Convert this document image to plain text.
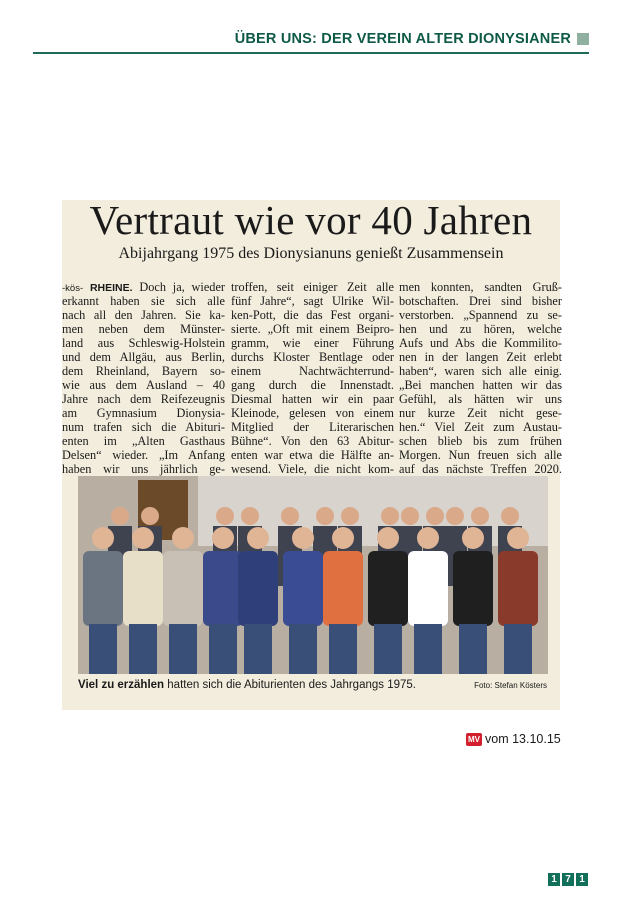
ÜBER UNS: DER VEREIN ALTER DIONYSIANER
Vertraut wie vor 40 Jahren
Abijahrgang 1975 des Dionysianuns genießt Zusammensein
-kös- RHEINE. Doch ja, wieder
erkannt haben sie sich alle
nach all den Jahren. Sie ka-
men neben dem Münster-
land aus Schleswig-Holstein
und dem Allgäu, aus Berlin,
dem Rheinland, Bayern so-
wie aus dem Ausland – 40
Jahre nach dem Reifezeugnis
am Gymnasium Dionysia-
num trafen sich die Abituri-
enten im „Alten Gasthaus
Delsen“ wieder. „Im Anfang
haben wir uns jährlich ge-
troffen, seit einiger Zeit alle
fünf Jahre“, sagt Ulrike Wil-
ken-Pott, die das Fest organi-
sierte. „Oft mit einem Beipro-
gramm, wie einer Führung
durchs Kloster Bentlage oder
einem Nachtwächterrund-
gang durch die Innenstadt.
Diesmal hatten wir ein paar
Kleinode, gelesen von einem
Mitglied der Literarischen
Bühne“. Von den 63 Abitur-
enten war etwa die Hälfte an-
wesend. Viele, die nicht kom-
men konnten, sandten Gruß-
botschaften. Drei sind bisher
verstorben. „Spannend zu se-
hen und zu hören, welche
Aufs und Abs die Kommilito-
nen in der langen Zeit erlebt
haben“, waren sich alle einig.
„Bei manchen hatten wir das
Gefühl, als hätten wir uns
nur kurze Zeit nicht gese-
hen.“ Viel Zeit zum Austau-
schen blieb bis zum frühen
Morgen. Nun freuen sich alle
auf das nächste Treffen 2020.
Viel zu erzählen hatten sich die Abiturienten des Jahrgangs 1975.	Foto: Stefan Kösters
MV vom 13.10.15
1 7 1
